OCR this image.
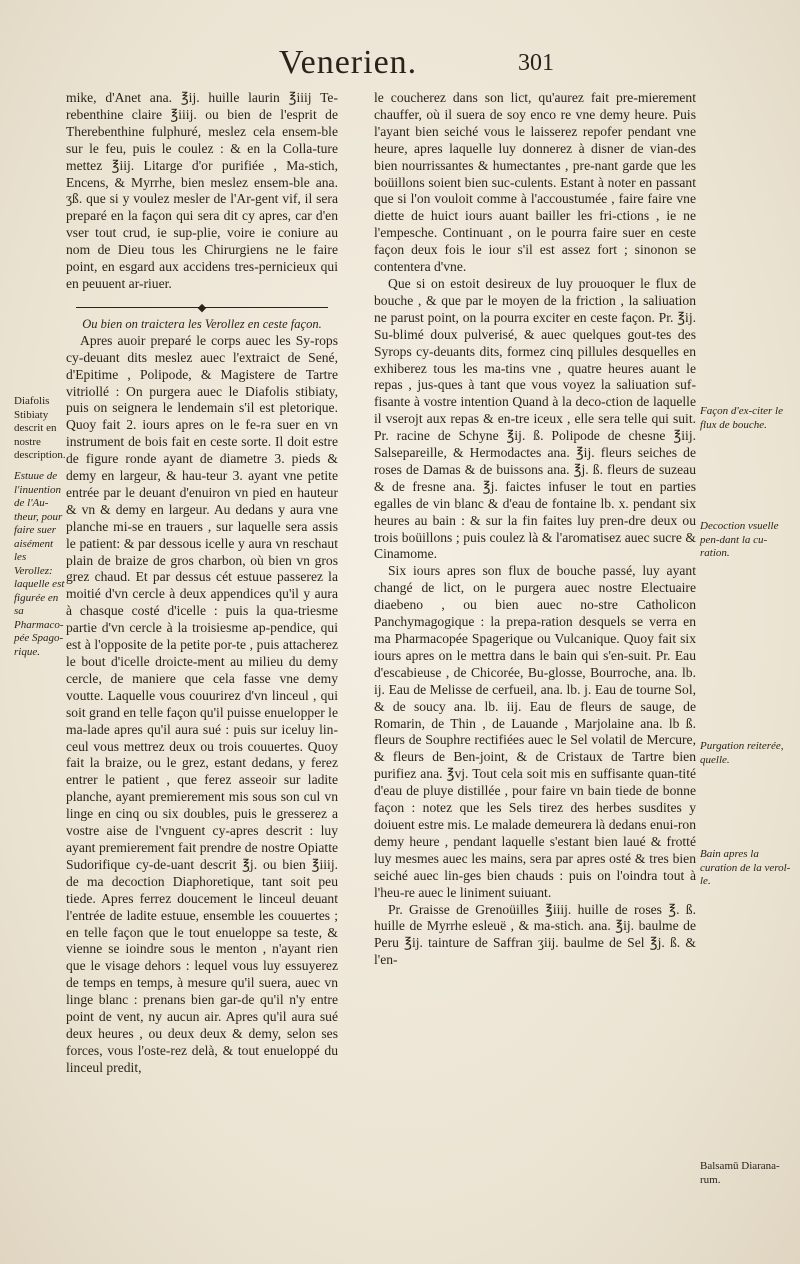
Venerien.	301

mike, d'Anet ana. ℥ij. huille laurin ℥iiij Te-rebenthine claire ℥iiij. ou bien de l'esprit de Therebenthine fulphuré, meslez cela ensem-ble sur le feu, puis le coulez : & en la Colla-ture mettez ℥iij. Litarge d'or purifiée , Ma-stich, Encens, & Myrrhe, bien meslez ensem-ble ana. ʒß. que si y voulez mesler de l'Ar-gent vif, il sera preparé en la façon qui sera dit cy apres, car d'en vser tout crud, ie sup-plie, voire ie coniure au nom de Dieu tous les Chirurgiens ne le faire point, en esgard aux accidens tres-pernicieux qui en peuuent ar-riuer.

◆

Ou bien on traictera les Verollez en ceste façon.

Apres auoir preparé le corps auec les Sy-rops cy-deuant dits meslez auec l'extraict de Sené, d'Epitime , Polipode, & Magistere de Tartre vitriollé : On purgera auec le Diafolis stibiaty, puis on seignera le lendemain s'il est pletorique. Quoy fait 2. iours apres on le fe-ra suer en vn instrument de bois fait en ceste sorte. Il doit estre de figure ronde ayant de diametre 3. pieds & demy en largeur, & hau-teur 3. ayant vne petite entrée par le deuant d'enuiron vn pied en hauteur & vn & demy en largeur. Au dedans y aura vne planche mi-se en trauers , sur laquelle sera assis le patient: & par dessous icelle y aura vn reschaut plain de braize de gros charbon, où bien vn gros grez chaud. Et par dessus cét estuue passerez la moitié d'vn cercle à deux appendices qu'il y aura à chasque costé d'icelle : puis la qua-triesme partie d'vn cercle à la troisiesme ap-pendice, qui est à l'opposite de la petite por-te , puis attacherez le bout d'icelle droicte-ment au milieu du demy cercle, de maniere que cela fasse vne demy voutte. Laquelle vous couurirez d'vn linceul , qui soit grand en telle façon qu'il puisse enuelopper le ma-lade apres qu'il aura sué : puis sur iceluy lin-ceul vous mettrez deux ou trois couuertes. Quoy fait la braize, ou le grez, estant dedans, y ferez entrer le patient , que ferez asseoir sur ladite planche, ayant premierement mis sous son cul vn linge en cinq ou six doubles, puis le gresserez a vostre aise de l'vnguent cy-apres descrit : luy ayant premierement fait prendre de nostre Opiatte Sudorifique cy-de-uant descrit ℥j. ou bien ℥iiij. de ma decoction Diaphoretique, tant soit peu tiede. Apres ferrez doucement le linceul deuant l'entrée de ladite estuue, ensemble les couuertes ; en telle façon que le tout enueloppe sa teste, & vienne se ioindre sous le menton , n'ayant rien que le visage dehors : lequel vous luy essuyerez de temps en temps, à mesure qu'il suera, auec vn linge blanc : prenans bien gar-de qu'il n'y entre point de vent, ny aucun air. Apres qu'il aura sué deux heures , ou deux deux & demy, selon ses forces, vous l'oste-rez delà, & tout enueloppé du linceul predit,

le coucherez dans son lict, qu'aurez fait pre-mierement chauffer, où il suera de soy enco re vne demy heure. Puis l'ayant bien seiché vous le laisserez repofer pendant vne heure, apres laquelle luy donnerez à disner de vian-des bien nourrissantes & humectantes , pre-nant garde que les boüillons soient bien suc-culents. Estant à noter en passant que si l'on vouloit comme à l'accoustumée , faire faire vne diette de huict iours auant bailler les fri-ctions , ie ne l'empesche. Continuant , on le pourra faire suer en ceste façon deux fois le iour s'il est assez fort ; sinonon se contentera d'vne.

Que si on estoit desireux de luy prouoquer le flux de bouche , & que par le moyen de la friction , la saliuation ne parust point, on la pourra exciter en ceste façon. Pr. ℥ij. Su-blimé doux pulverisé, & auec quelques gout-tes des Syrops cy-deuants dits, formez cinq pillules desquelles en exhiberez tous les ma-tins vne , quatre heures auant le repas , jus-ques à tant que vous voyez la saliuation suf-fisante à vostre intention Quand à la deco-ction de laquelle il vserojt aux repas & en-tre iceux , elle sera telle qui suit. Pr. racine de Schyne ℥ij. ß. Polipode de chesne ℥iij. Salsepareille, & Hermodactes ana. ℥ij. fleurs seiches de roses de Damas & de buissons ana. ℥j. ß. fleurs de suzeau & de fresne ana. ℥j. faictes infuser le tout en parties egalles de vin blanc & d'eau de fontaine lb. x. pendant six heures au bain : & sur la fin faites luy pren-dre deux ou trois boüillons ; puis coulez là & l'aromatisez auec sucre & Cinamome.

Six iours apres son flux de bouche passé, luy ayant changé de lict, on le purgera auec nostre Electuaire diaebeno , ou bien auec no-stre Catholicon Panchymagogique : la prepa-ration desquels se verra en ma Pharmacopée Spagerique ou Vulcanique. Quoy fait six iours apres on le mettra dans le bain qui s'en-suit. Pr. Eau d'escabieuse , de Chicorée, Bu-glosse, Bourroche, ana. lb. ij. Eau de Melisse de cerfueil, ana. lb. j. Eau de tourne Sol, & de soucy ana. lb. iij. Eau de fleurs de sauge, de Romarin, de Thin , de Lauande , Marjolaine ana. lb ß. fleurs de Souphre rectifiées auec le Sel volatil de Mercure, & fleurs de Ben-joint, & de Cristaux de Tartre bien purifiez ana. ℥vj. Tout cela soit mis en suffisante quan-tité d'eau de pluye distillée , pour faire vn bain tiede de bonne façon : notez que les Sels tirez des herbes susdites y doiuent estre mis. Le malade demeurera là dedans enui-ron demy heure , pendant laquelle s'estant bien laué & frotté luy mesmes auec les mains, sera par apres osté & tres bien seiché auec lin-ges bien chauds : puis on l'oindra tout à l'heu-re auec le liniment suiuant.

Pr. Graisse de Grenoüilles ℥iiij. huille de roses ℥. ß. huille de Myrrhe esleuë , & ma-stich. ana. ℥ij. baulme de Peru ℥ij. tainture de Saffran ʒiij. baulme de Sel ℥j. ß. & l'en-

Diafolis Stibiaty descrit en nostre description.
Estuue de l'inuention de l'Au-theur, pour faire suer aisément les Verollez: laquelle est figurée en sa Pharmaco-pée Spago-rique.
Façon d'ex-citer le flux de bouche.
Decoction vsuelle pen-dant la cu-ration.
Purgation reiterée, quelle.
Bain apres la curation de la verol-le.
Balsamū Diarana-rum.
